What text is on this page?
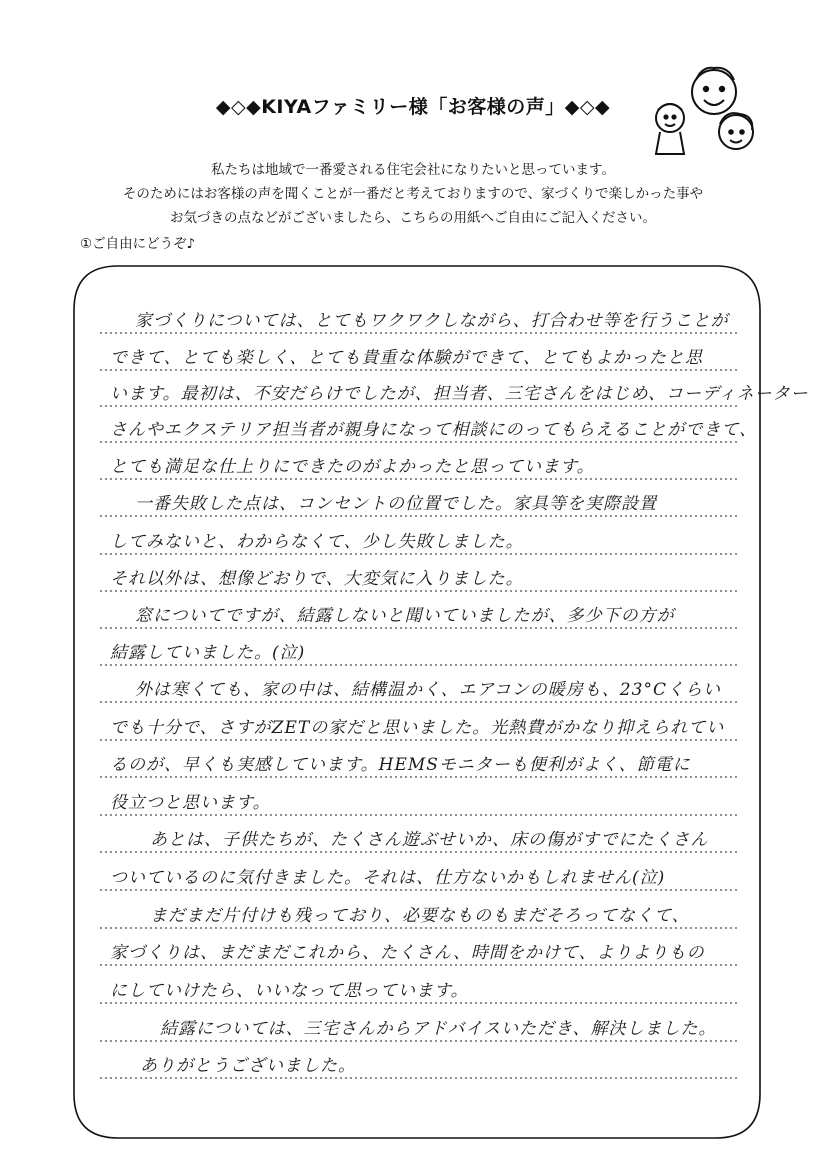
◆◇◆KIYAファミリー様「お客様の声」◆◇◆
私たちは地域で一番愛される住宅会社になりたいと思っています。
そのためにはお客様の声を聞くことが一番だと考えておりますので、家づくりで楽しかった事や
お気づきの点などがございましたら、こちらの用紙へご自由にご記入ください。
①ご自由にどうぞ♪
家づくりについては、とてもワクワクしながら、打合わせ等を行うことが
できて、とても楽しく、とても貴重な体験ができて、とてもよかったと思
います。最初は、不安だらけでしたが、担当者、三宅さんをはじめ、コーディネーター
さんやエクステリア担当者が親身になって相談にのってもらえることができて、
とても満足な仕上りにできたのがよかったと思っています。
一番失敗した点は、コンセントの位置でした。家具等を実際設置
してみないと、わからなくて、少し失敗しました。
それ以外は、想像どおりで、大変気に入りました。
窓についてですが、結露しないと聞いていましたが、多少下の方が
結露していました。(泣)
外は寒くても、家の中は、結構温かく、エアコンの暖房も、23°Cくらい
でも十分で、さすがZETの家だと思いました。光熱費がかなり抑えられてい
るのが、早くも実感しています。HEMSモニターも便利がよく、節電に
役立つと思います。
あとは、子供たちが、たくさん遊ぶせいか、床の傷がすでにたくさん
ついているのに気付きました。それは、仕方ないかもしれません(泣)
まだまだ片付けも残っており、必要なものもまだそろってなくて、
家づくりは、まだまだこれから、たくさん、時間をかけて、よりよりもの
にしていけたら、いいなって思っています。
結露については、三宅さんからアドバイスいただき、解決しました。
ありがとうございました。
